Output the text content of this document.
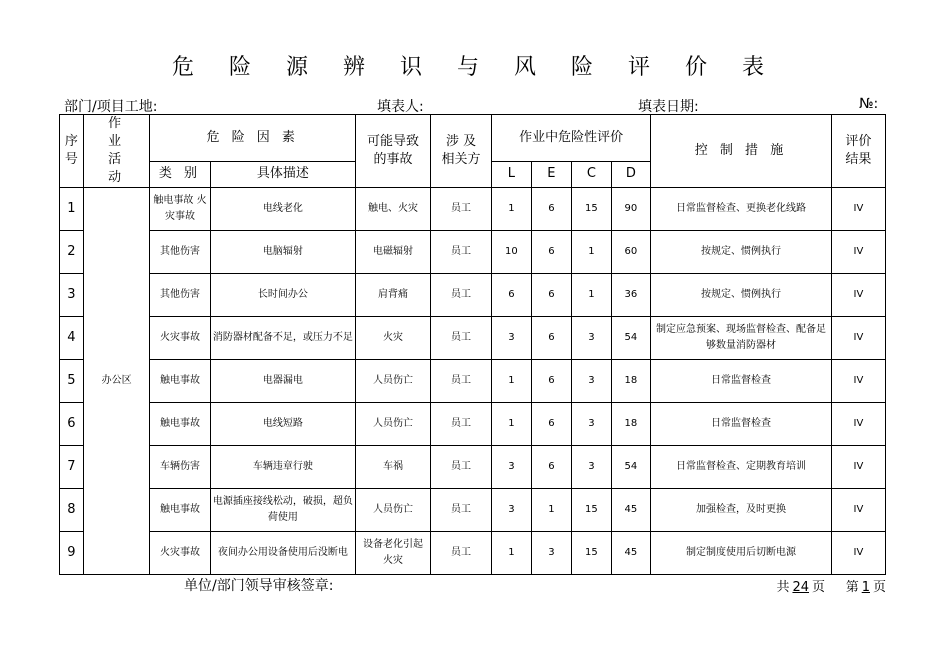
危 险 源 辨 识 与 风 险 评 价 表
部门/项目工地:	填表人:	填表日期:	№:
序号	作 业 活 动	危 险 因 素		可能导致的事故	涉 及 相关方	作业中危险性评价				控 制 措 施	评价结果

		类 别	具体描述			L	E	C	D		
1	办公区	触电事故 火灾事故	电线老化	触电、火灾	员工	1	6	15	90	日常监督检查、更换老化线路	IV
2		其他伤害	电脑辐射	电磁辐射	员工	10	6	1	60	按规定、惯例执行	IV
3		其他伤害	长时间办公	肩背痛	员工	6	6	1	36	按规定、惯例执行	IV
4		火灾事故	消防器材配备不足，或压力不足	火灾	员工	3	6	3	54	制定应急预案、现场监督检查、配备足够数量消防器材	IV
5		触电事故	电器漏电	人员伤亡	员工	1	6	3	18	日常监督检查	IV
6		触电事故	电线短路	人员伤亡	员工	1	6	3	18	日常监督检查	IV
7		车辆伤害	车辆违章行驶	车祸	员工	3	6	3	54	日常监督检查、定期教育培训	IV
8		触电事故	电源插座接线松动，破损，超负荷使用	人员伤亡	员工	3	1	15	45	加强检查，及时更换	IV
9		火灾事故	夜间办公用设备使用后没断电	设备老化引起火灾	员工	1	3	15	45	制定制度使用后切断电源	IV
单位/部门领导审核签章:	共 24 页 第 1 页
